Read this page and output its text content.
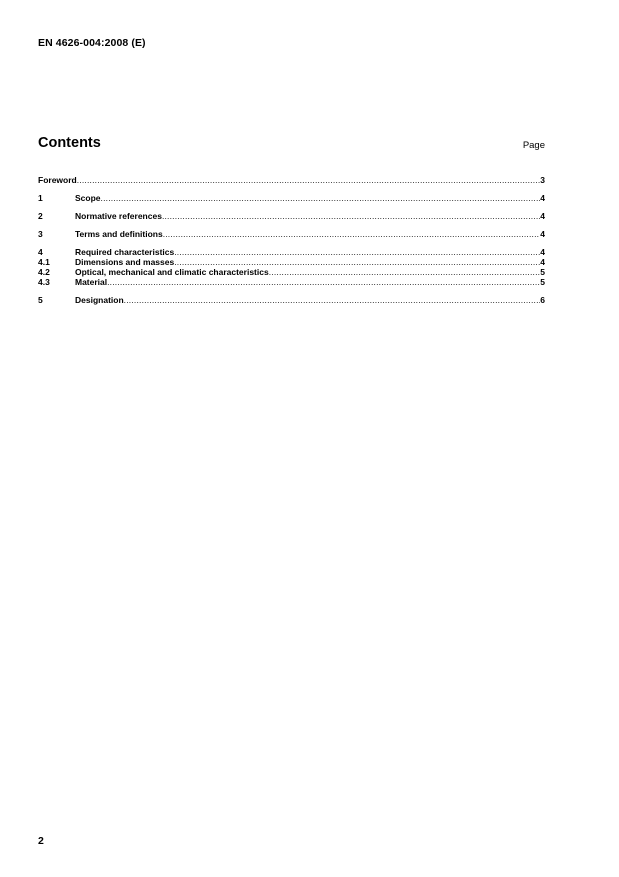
EN 4626-004:2008 (E)
Contents	Page
Foreword .....	3
1	Scope .....	4
2	Normative references .....	4
3	Terms and definitions .....	4
4	Required characteristics .....	4
4.1	Dimensions and masses .....	4
4.2	Optical, mechanical and climatic characteristics .....	5
4.3	Material .....	5
5	Designation .....	6
2
